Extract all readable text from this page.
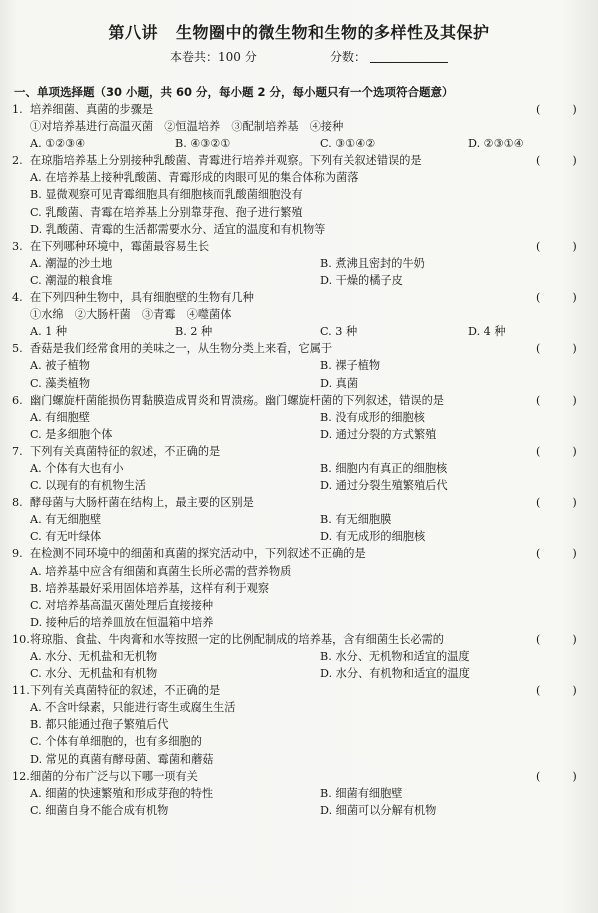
第八讲 生物圈中的微生物和生物的多样性及其保护
本卷共：100 分	分数：
一、单项选择题（30 小题，共 60 分，每小题 2 分，每小题只有一个选项符合题意）
1. 培养细菌、真菌的步骤是	(	)
①对培养基进行高温灭菌　②恒温培养　③配制培养基　④接种
A. ①②③④	B. ④③②①	C. ③①④②	D. ②③①④
2. 在琼脂培养基上分别接种乳酸菌、青霉进行培养并观察。下列有关叙述错误的是	(	)
A. 在培养基上接种乳酸菌、青霉形成的肉眼可见的集合体称为菌落
B. 显微观察可见青霉细胞具有细胞核而乳酸菌细胞没有
C. 乳酸菌、青霉在培养基上分别靠芽孢、孢子进行繁殖
D. 乳酸菌、青霉的生活都需要水分、适宜的温度和有机物等
3. 在下列哪种环境中，霉菌最容易生长	(	)
A. 潮湿的沙土地	B. 煮沸且密封的牛奶
C. 潮湿的粮食堆	D. 干燥的橘子皮
4. 在下列四种生物中，具有细胞壁的生物有几种	(	)
①水绵　②大肠杆菌　③青霉　④噬菌体
A. 1 种	B. 2 种	C. 3 种	D. 4 种
5. 香菇是我们经常食用的美味之一，从生物分类上来看，它属于	(	)
A. 被子植物	B. 裸子植物
C. 藻类植物	D. 真菌
6. 幽门螺旋杆菌能损伤胃黏膜造成胃炎和胃溃疡。幽门螺旋杆菌的下列叙述，错误的是	(	)
A. 有细胞壁	B. 没有成形的细胞核
C. 是多细胞个体	D. 通过分裂的方式繁殖
7. 下列有关真菌特征的叙述，不正确的是	(	)
A. 个体有大也有小	B. 细胞内有真正的细胞核
C. 以现有的有机物生活	D. 通过分裂生殖繁殖后代
8. 酵母菌与大肠杆菌在结构上，最主要的区别是	(	)
A. 有无细胞壁	B. 有无细胞膜
C. 有无叶绿体	D. 有无成形的细胞核
9. 在检测不同环境中的细菌和真菌的探究活动中，下列叙述不正确的是	(	)
A. 培养基中应含有细菌和真菌生长所必需的营养物质
B. 培养基最好采用固体培养基，这样有利于观察
C. 对培养基高温灭菌处理后直接接种
D. 接种后的培养皿放在恒温箱中培养
10. 将琼脂、食盐、牛肉膏和水等按照一定的比例配制成的培养基，含有细菌生长必需的	(	)
A. 水分、无机盐和无机物	B. 水分、无机物和适宜的温度
C. 水分、无机盐和有机物	D. 水分、有机物和适宜的温度
11. 下列有关真菌特征的叙述，不正确的是	(	)
A. 不含叶绿素，只能进行寄生或腐生生活
B. 都只能通过孢子繁殖后代
C. 个体有单细胞的，也有多细胞的
D. 常见的真菌有酵母菌、霉菌和蘑菇
12. 细菌的分布广泛与以下哪一项有关	(	)
A. 细菌的快速繁殖和形成芽孢的特性	B. 细菌有细胞壁
C. 细菌自身不能合成有机物	D. 细菌可以分解有机物
